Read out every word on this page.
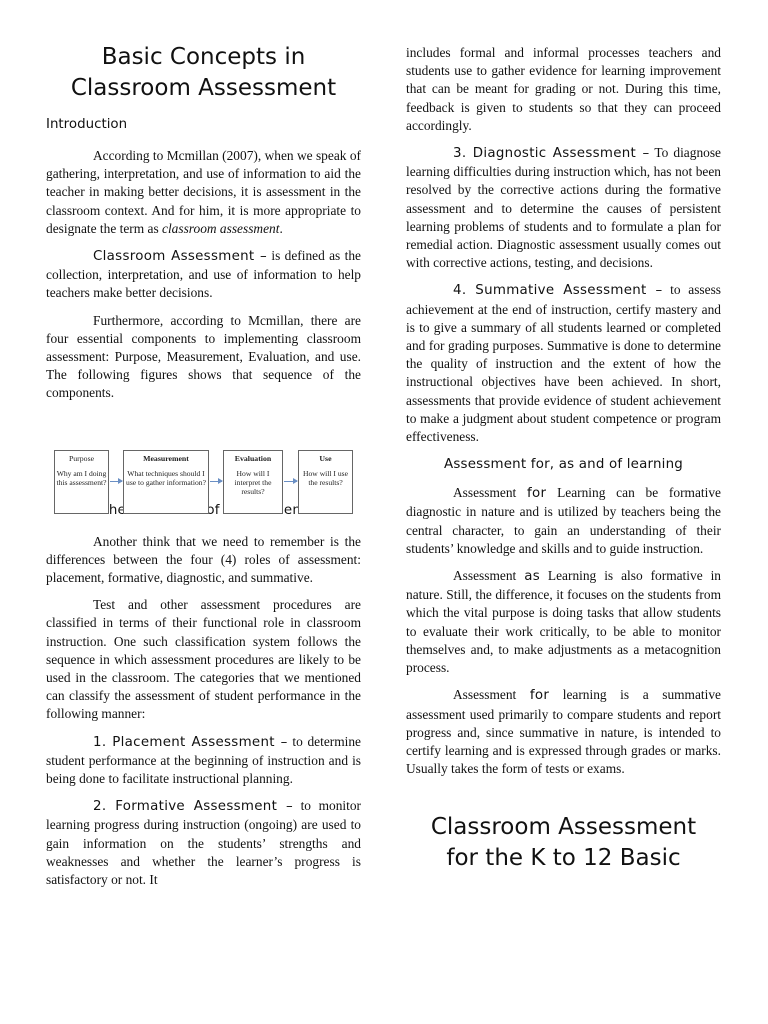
Basic Concepts in
Classroom Assessment
Introduction

According to Mcmillan (2007), when we speak of gathering, interpretation, and use of information to aid the teacher in making better decisions, it is assessment in the classroom context. And for him, it is more appropriate to designate the term as classroom assessment.

Classroom Assessment – is defined as the collection, interpretation, and use of information to help teachers make better decisions.

Furthermore, according to Mcmillan, there are four essential components to implementing classroom assessment: Purpose, Measurement, Evaluation, and use. The following figures shows that sequence of the components.

The of

Another think that we need to remember is the differences between the four (4) roles of assessment: placement, formative, diagnostic, and summative.

Test and other assessment procedures are classified in terms of their functional role in classroom instruction. One such classification system follows the sequence in which assessment procedures are likely to be used in the classroom. The categories that we mentioned can classify the assessment of student performance in the following manner:

1. Placement Assessment – to determine student performance at the beginning of instruction and is being done to facilitate instructional planning.

2. Formative Assessment – to monitor learning progress during instruction (ongoing) are used to gain information on the students’ strengths and weaknesses and whether the learner’s progress is satisfactory or not. It

Purpose
Why am I doing this assessment?
Measurement
What techniques should I use to gather information?
Evaluation
How will I interpret the results?
Use
How will I use the results?

includes formal and informal processes teachers and students use to gather evidence for learning improvement that can be meant for grading or not. During this time, feedback is given to students so that they can proceed accordingly.

3. Diagnostic Assessment – To diagnose learning difficulties during instruction which, has not been resolved by the corrective actions during the formative assessment and to determine the causes of persistent learning problems of students and to formulate a plan for remedial action. Diagnostic assessment usually comes out with corrective actions, testing, and decisions.

4. Summative Assessment – to assess achievement at the end of instruction, certify mastery and is to give a summary of all students learned or completed and for grading purposes. Summative is done to determine the quality of instruction and the extent of how the instructional objectives have been achieved. In short, assessments that provide evidence of student achievement to make a judgment about student competence or program effectiveness.

Assessment for, as and of learning

Assessment for Learning can be formative diagnostic in nature and is utilized by teachers being the central character, to gain an understanding of their students’ knowledge and skills and to guide instruction.

Assessment as Learning is also formative in nature. Still, the difference, it focuses on the students from which the vital purpose is doing tasks that allow students to evaluate their work critically, to be able to monitor themselves and, to make adjustments as a metacognition process.

Assessment for learning is a summative assessment used primarily to compare students and report progress and, since summative in nature, is intended to certify learning and is expressed through grades or marks. Usually takes the form of tests or exams.

Classroom Assessment
for the K to 12 Basic
